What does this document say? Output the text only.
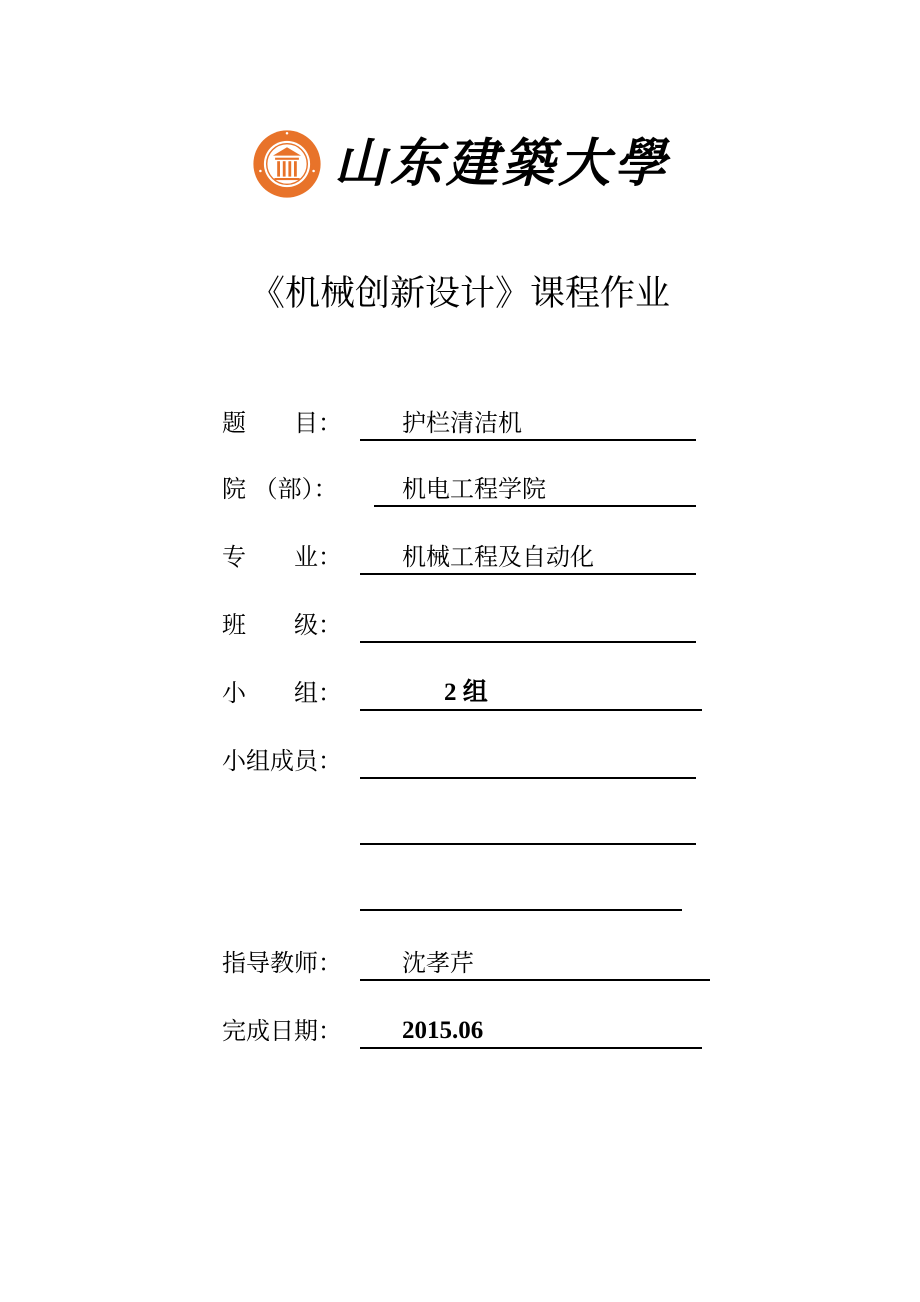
山东建築大學
《机械创新设计》课程作业
题　　目：	护栏清洁机
院 （部）：	机电工程学院
专　　业：	机械工程及自动化
班　　级：
小　　组：	2 组
小组成员：
指导教师：	沈孝芹
完成日期： 2015.06
